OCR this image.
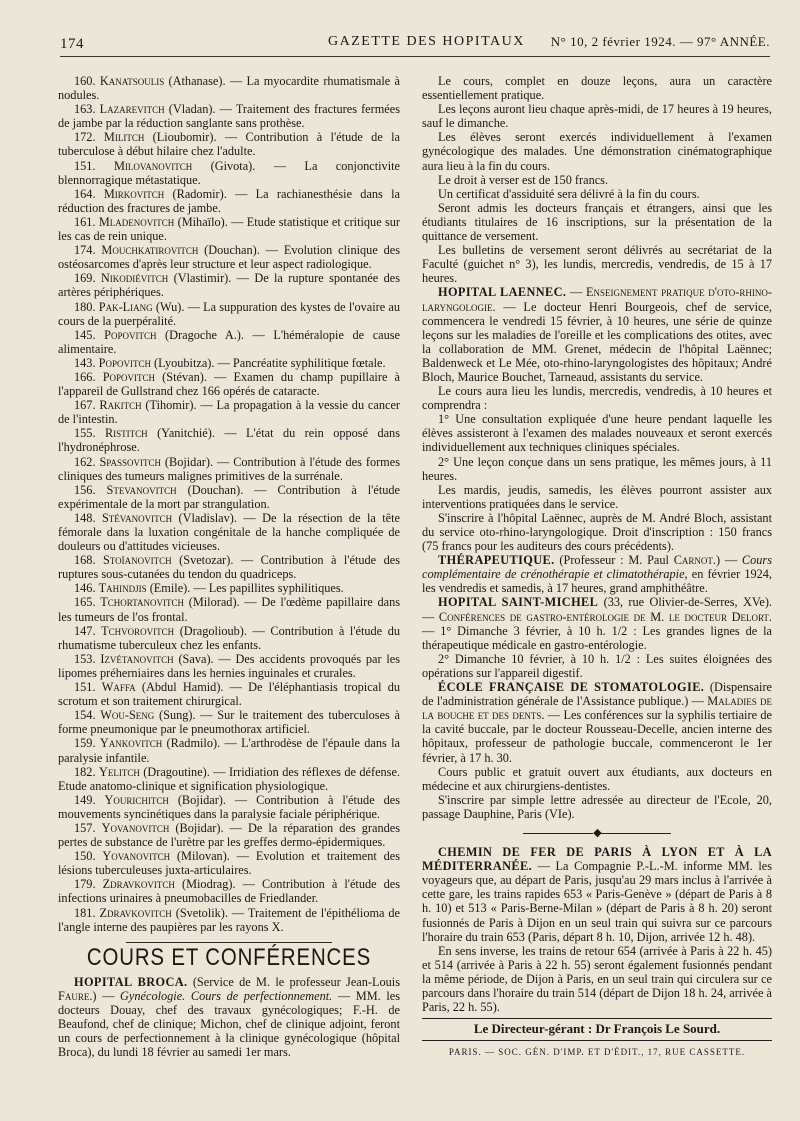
174	GAZETTE DES HOPITAUX N° 10, 2 février 1924. — 97° ANNÉE.

160. Kanatsoulis (Athanase). — La myocardite rhumatismale à nodules.

163. Lazarevitch (Vladan). — Traitement des fractures fermées de jambe par la réduction sanglante sans prothèse.

172. Militch (Lioubomir). — Contribution à l'étude de la tuberculose à début hilaire chez l'adulte.

151. Milovanovitch (Givota). — La conjonctivite blennorragique métastatique.

164. Mirkovitch (Radomir). — La rachianesthésie dans la réduction des fractures de jambe.

161. Mladenovitch (Mihaïlo). — Etude statistique et critique sur les cas de rein unique.

174. Mouchkatirovitch (Douchan). — Evolution clinique des ostéosarcomes d'après leur structure et leur aspect radiologique.

169. Nikodiévitch (Vlastimir). — De la rupture spontanée des artères périphériques.

180. Pak-Liang (Wu). — La suppuration des kystes de l'ovaire au cours de la puerpéralité.

145. Popovitch (Dragoche A.). — L'héméralopie de cause alimentaire.

143. Popovitch (Lyoubitza). — Pancréatite syphilitique fœtale.

166. Popovitch (Stévan). — Examen du champ pupillaire à l'appareil de Gullstrand chez 166 opérés de cataracte.

167. Rakitch (Tihomir). — La propagation à la vessie du cancer de l'intestin.

155. Ristitch (Yanitchié). — L'état du rein opposé dans l'hydronéphrose.

162. Spassovitch (Bojidar). — Contribution à l'étude des formes cliniques des tumeurs malignes primitives de la surrénale.

156. Stevanovitch (Douchan). — Contribution à l'étude expérimentale de la mort par strangulation.

148. Stévanovitch (Vladislav). — De la résection de la tête fémorale dans la luxation congénitale de la hanche compliquée de douleurs ou d'attitudes vicieuses.

168. Stoïanovitch (Svetozar). — Contribution à l'étude des ruptures sous-cutanées du tendon du quadriceps.

146. Tahindjis (Emile). — Les papillites syphilitiques.

165. Tchortanovitch (Milorad). — De l'œdème papillaire dans les tumeurs de l'os frontal.

147. Tchvorovitch (Dragolioub). — Contribution à l'étude du rhumatisme tuberculeux chez les enfants.

153. Izvétanovitch (Sava). — Des accidents provoqués par les lipomes préherniaires dans les hernies inguinales et crurales.

151. Waffa (Abdul Hamid). — De l'éléphantiasis tropical du scrotum et son traitement chirurgical.

154. Wou-Seng (Sung). — Sur le traitement des tuberculoses à forme pneumonique par le pneumothorax artificiel.

159. Yankovitch (Radmilo). — L'arthrodèse de l'épaule dans la paralysie infantile.

182. Yelitch (Dragoutine). — Irridiation des réflexes de défense. Etude anatomo-clinique et signification physiologique.

149. Yourichitch (Bojidar). — Contribution à l'étude des mouvements syncinétiques dans la paralysie faciale périphérique.

157. Yovanovitch (Bojidar). — De la réparation des grandes pertes de substance de l'urètre par les greffes dermo-épidermiques.

150. Yovanovitch (Milovan). — Evolution et traitement des lésions tuberculeuses juxta-articulaires.

179. Zdravkovitch (Miodrag). — Contribution à l'étude des infections urinaires à pneumobacilles de Friedlander.

181. Zdravkovitch (Svetolik). — Traitement de l'épithélioma de l'angle interne des paupières par les rayons X.

COURS ET CONFÉRENCES

HOPITAL BROCA. (Service de M. le professeur Jean-Louis Faure.) — Gynécologie. Cours de perfectionnement. — MM. les docteurs Douay, chef des travaux gynécologiques; F.-H. de Beaufond, chef de clinique; Michon, chef de clinique adjoint, feront un cours de perfectionnement à la clinique gynécologique (hôpital Broca), du lundi 18 février au samedi 1er mars.

Le cours, complet en douze leçons, aura un caractère essentiellement pratique.

Les leçons auront lieu chaque après-midi, de 17 heures à 19 heures, sauf le dimanche.

Les élèves seront exercés individuellement à l'examen gynécologique des malades. Une démonstration cinématographique aura lieu à la fin du cours.

Le droit à verser est de 150 francs.

Un certificat d'assiduité sera délivré à la fin du cours.

Seront admis les docteurs français et étrangers, ainsi que les étudiants titulaires de 16 inscriptions, sur la présentation de la quittance de versement.

Les bulletins de versement seront délivrés au secrétariat de la Faculté (guichet n° 3), les lundis, mercredis, vendredis, de 15 à 17 heures.

HOPITAL LAENNEC. — Enseignement pratique d'oto-rhino-laryngologie. — Le docteur Henri Bourgeois, chef de service, commencera le vendredi 15 février, à 10 heures, une série de quinze leçons sur les maladies de l'oreille et les complications des otites, avec la collaboration de MM. Grenet, médecin de l'hôpital Laënnec; Baldenweck et Le Mée, oto-rhino-laryngologistes des hôpitaux; André Bloch, Maurice Bouchet, Tarneaud, assistants du service.

Le cours aura lieu les lundis, mercredis, vendredis, à 10 heures et comprendra :

1° Une consultation expliquée d'une heure pendant laquelle les élèves assisteront à l'examen des malades nouveaux et seront exercés individuellement aux techniques cliniques spéciales.

2° Une leçon conçue dans un sens pratique, les mêmes jours, à 11 heures.

Les mardis, jeudis, samedis, les élèves pourront assister aux interventions pratiquées dans le service.

S'inscrire à l'hôpital Laënnec, auprès de M. André Bloch, assistant du service oto-rhino-laryngologique. Droit d'inscription : 150 francs (75 francs pour les auditeurs des cours précédents).

THÉRAPEUTIQUE. (Professeur : M. Paul Carnot.) — Cours complémentaire de crénothérapie et climatothérapie, en février 1924, les vendredis et samedis, à 17 heures, grand amphithéâtre.

HOPITAL SAINT-MICHEL (33, rue Olivier-de-Serres, XVe). — Conférences de gastro-entérologie de M. le docteur Delort. — 1° Dimanche 3 février, à 10 h. 1/2 : Les grandes lignes de la thérapeutique médicale en gastro-entérologie.

2° Dimanche 10 février, à 10 h. 1/2 : Les suites éloignées des opérations sur l'appareil digestif.

ÉCOLE FRANÇAISE DE STOMATOLOGIE. (Dispensaire de l'administration générale de l'Assistance publique.) — Maladies de la bouche et des dents. — Les conférences sur la syphilis tertiaire de la cavité buccale, par le docteur Rousseau-Decelle, ancien interne des hôpitaux, professeur de pathologie buccale, commenceront le 1er février, à 17 h. 30.

Cours public et gratuit ouvert aux étudiants, aux docteurs en médecine et aux chirurgiens-dentistes.

S'inscrire par simple lettre adressée au directeur de l'Ecole, 20, passage Dauphine, Paris (VIe).

◆

CHEMIN DE FER DE PARIS À LYON ET À LA MÉDITERRANÉE. — La Compagnie P.-L.-M. informe MM. les voyageurs que, au départ de Paris, jusqu'au 29 mars inclus à l'arrivée à cette gare, les trains rapides 653 « Paris-Genève » (départ de Paris à 8 h. 10) et 513 « Paris-Berne-Milan » (départ de Paris à 8 h. 20) seront fusionnés de Paris à Dijon en un seul train qui suivra sur ce parcours l'horaire du train 653 (Paris, départ 8 h. 10, Dijon, arrivée 12 h. 48).

En sens inverse, les trains de retour 654 (arrivée à Paris à 22 h. 45) et 514 (arrivée à Paris à 22 h. 55) seront également fusionnés pendant la même période, de Dijon à Paris, en un seul train qui circulera sur ce parcours dans l'horaire du train 514 (départ de Dijon 18 h. 24, arrivée à Paris, 22 h. 55).

Le Directeur-gérant : Dr François Le Sourd.
PARIS. — SOC. GÉN. D'IMP. ET D'ÉDIT., 17, RUE CASSETTE.
